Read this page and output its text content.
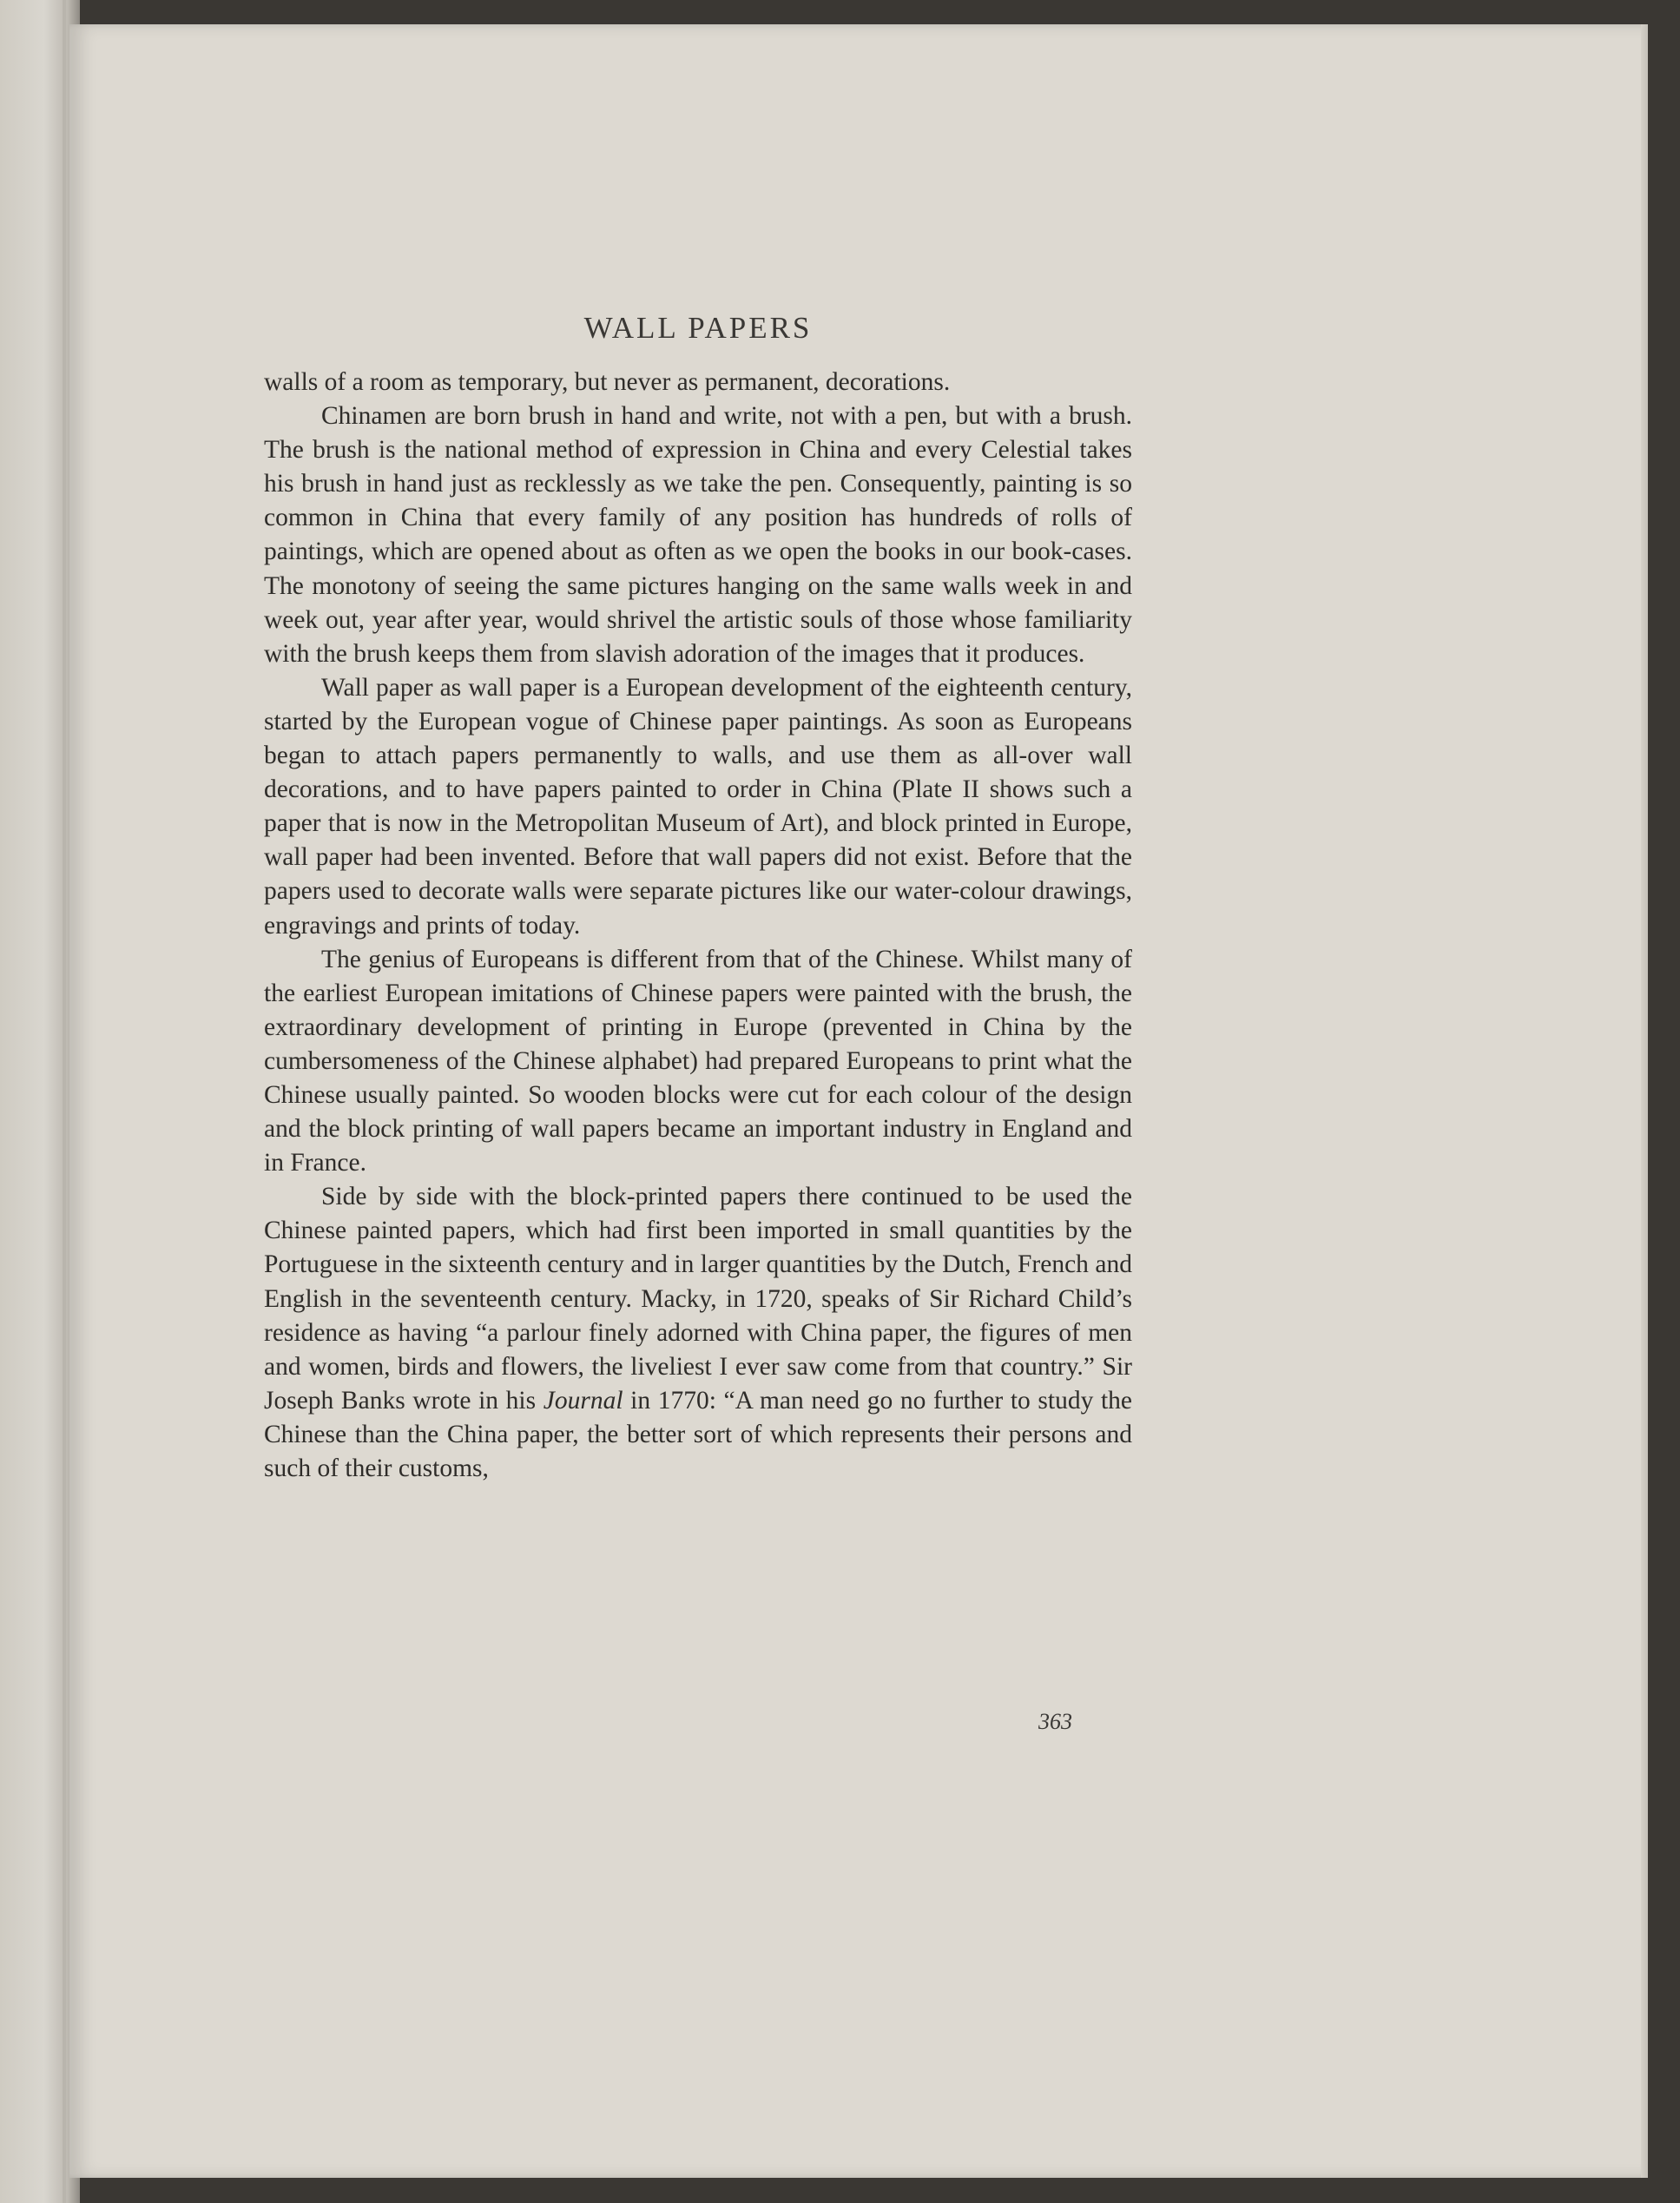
WALL PAPERS

walls of a room as temporary, but never as permanent, decorations.

Chinamen are born brush in hand and write, not with a pen, but with a brush. The brush is the national method of expression in China and every Celestial takes his brush in hand just as recklessly as we take the pen. Consequently, painting is so common in China that every family of any position has hundreds of rolls of paintings, which are opened about as often as we open the books in our book-cases. The monotony of seeing the same pictures hanging on the same walls week in and week out, year after year, would shrivel the artistic souls of those whose familiarity with the brush keeps them from slavish adoration of the images that it produces.

Wall paper as wall paper is a European development of the eighteenth century, started by the European vogue of Chinese paper paintings. As soon as Europeans began to attach papers permanently to walls, and use them as all-over wall decorations, and to have papers painted to order in China (Plate II shows such a paper that is now in the Metropolitan Museum of Art), and block printed in Europe, wall paper had been invented. Before that wall papers did not exist. Before that the papers used to decorate walls were separate pictures like our water-colour drawings, engravings and prints of today.

The genius of Europeans is different from that of the Chinese. Whilst many of the earliest European imitations of Chinese papers were painted with the brush, the extraordinary development of printing in Europe (prevented in China by the cumbersomeness of the Chinese alphabet) had prepared Europeans to print what the Chinese usually painted. So wooden blocks were cut for each colour of the design and the block printing of wall papers became an important industry in England and in France.

Side by side with the block-printed papers there continued to be used the Chinese painted papers, which had first been imported in small quantities by the Portuguese in the sixteenth century and in larger quantities by the Dutch, French and English in the seventeenth century. Macky, in 1720, speaks of Sir Richard Child’s residence as having “a parlour finely adorned with China paper, the figures of men and women, birds and flowers, the liveliest I ever saw come from that country.” Sir Joseph Banks wrote in his Journal in 1770: “A man need go no further to study the Chinese than the China paper, the better sort of which represents their persons and such of their customs,

363
